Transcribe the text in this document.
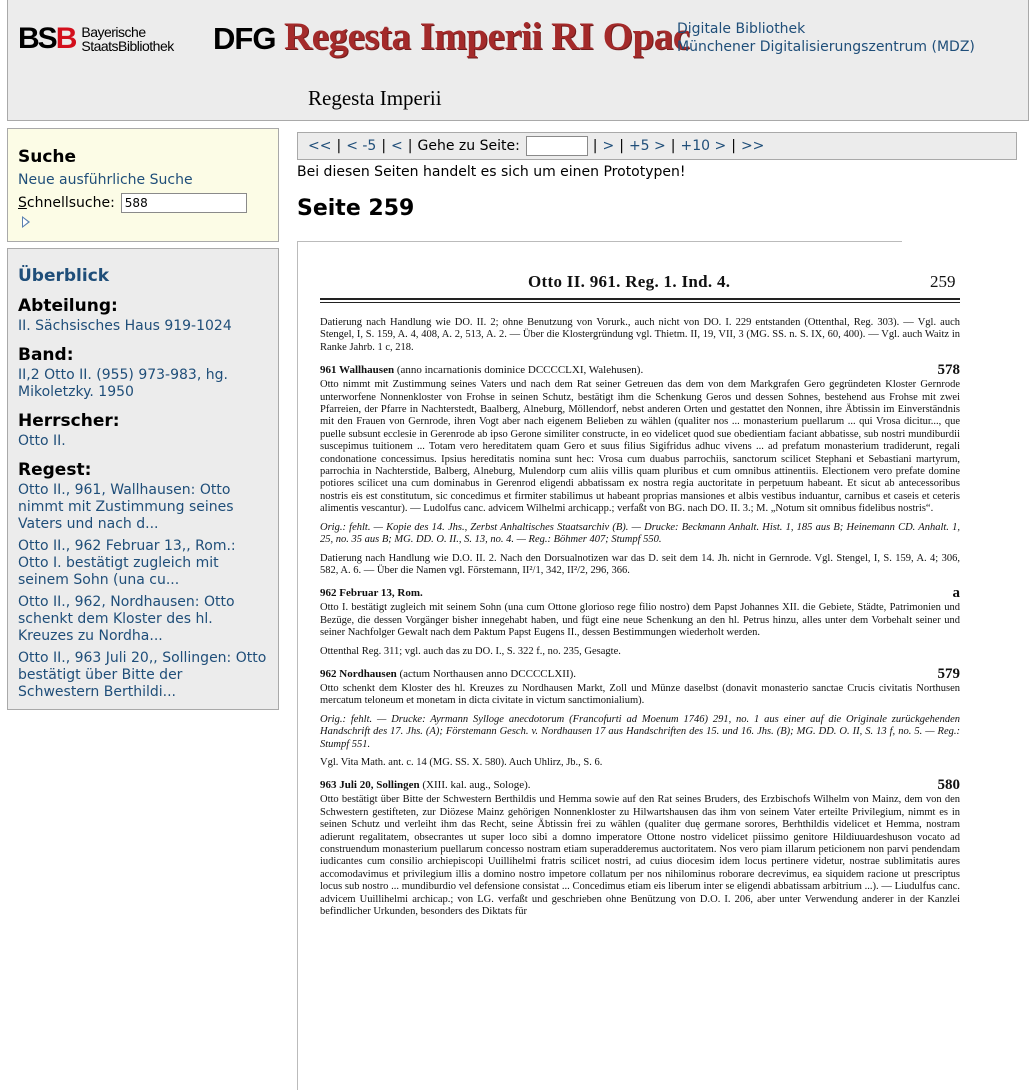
BSB Bayerische
StaatsBibliothek DFG Regesta Imperii RI Opac
Digitale Bibliothek
Münchener Digitalisierungszentrum (MDZ)
Regesta Imperii
Suche
Neue ausführliche Suche
Schnellsuche:
588
Überblick
Abteilung:
II. Sächsisches Haus 919-1024
Band:
II,2 Otto II. (955) 973-983, hg. Mikoletzky. 1950
Herrscher:
Otto II.
Regest:
Otto II., 961, Wallhausen: Otto nimmt mit Zustimmung seines Vaters und nach d...
Otto II., 962 Februar 13,, Rom.: Otto I. bestätigt zugleich mit seinem Sohn (una cu...
Otto II., 962, Nordhausen: Otto schenkt dem Kloster des hl. Kreuzes zu Nordha...
Otto II., 963 Juli 20,, Sollingen: Otto bestätigt über Bitte der Schwestern Berthildi...
<< | < -5 | < | Gehe zu Seite:	| > | +5 > | +10 > | >>
Bei diesen Seiten handelt es sich um einen Prototypen!
Seite 259
Otto II. 961. Reg. 1. Ind. 4.	259
Datierung nach Handlung wie DO. II. 2; ohne Benutzung von Vorurk., auch nicht von DO. I. 229 entstanden (Ottenthal, Reg. 303). — Vgl. auch Stengel, I, S. 159, A. 4, 408, A. 2, 513, A. 2. — Über die Klostergründung vgl. Thietm. II, 19, VII, 3 (MG. SS. n. S. IX, 60, 400). — Vgl. auch Waitz in Ranke Jahrb. 1 c, 218.
961 Wallhausen (anno incarnationis dominice DCCCCLXI, Walehusen).	578
Otto nimmt mit Zustimmung seines Vaters und nach dem Rat seiner Getreuen das dem von dem Markgrafen Gero gegründeten Kloster Gernrode unterworfene Nonnenkloster von Frohse in seinen Schutz, bestätigt ihm die Schenkung Geros und dessen Sohnes, bestehend aus Frohse mit zwei Pfarreien, der Pfarre in Nachterstedt, Baalberg, Alneburg, Möllendorf, nebst anderen Orten und gestattet den Nonnen, ihre Äbtissin im Einverständnis mit den Frauen von Gernrode, ihren Vogt aber nach eigenem Belieben zu wählen (qualiter nos ... monasterium puellarum ... qui Vrosa dicitur..., que puelle subsunt ecclesie in Gerenrode ab ipso Gerone similiter constructe, in eo videlicet quod sue obedientiam faciant abbatisse, sub nostri mundiburdii suscepimus tuitionem ... Totam vero hereditatem quam Gero et suus filius Sigifridus adhuc vivens ... ad prefatum monasterium tradiderunt, regali condonatione concessimus. Ipsius hereditatis nomina sunt hec: Vrosa cum duabus parrochiis, sanctorum scilicet Stephani et Sebastiani martyrum, parrochia in Nachterstide, Balberg, Alneburg, Mulendorp cum aliis villis quam pluribus et cum omnibus attinentiis. Electionem vero prefate domine potiores scilicet una cum dominabus in Gerenrod eligendi abbatissam ex nostra regia auctoritate in perpetuum habeant. Et sicut ab antecessoribus nostris eis est constitutum, sic concedimus et firmiter stabilimus ut habeant proprias mansiones et albis vestibus induantur, carnibus et caseis et ceteris alimentis vescantur). — Ludolfus canc. advicem Wilhelmi archicapp.; verfaßt von BG. nach DO. II. 3.; M. „Notum sit omnibus fidelibus nostris“.
Orig.: fehlt. — Kopie des 14. Jhs., Zerbst Anhaltisches Staatsarchiv (B). — Drucke: Beckmann Anhalt. Hist. 1, 185 aus B; Heinemann CD. Anhalt. 1, 25, no. 35 aus B; MG. DD. O. II., S. 13, no. 4. — Reg.: Böhmer 407; Stumpf 550.
Datierung nach Handlung wie D.O. II. 2. Nach den Dorsualnotizen war das D. seit dem 14. Jh. nicht in Gernrode. Vgl. Stengel, I, S. 159, A. 4; 306, 582, A. 6. — Über die Namen vgl. Förstemann, II²/1, 342, II²/2, 296, 366.
962 Februar 13, Rom.	a
Otto I. bestätigt zugleich mit seinem Sohn (una cum Ottone glorioso rege filio nostro) dem Papst Johannes XII. die Gebiete, Städte, Patrimonien und Bezüge, die dessen Vorgänger bisher innegehabt haben, und fügt eine neue Schenkung an den hl. Petrus hinzu, alles unter dem Vorbehalt seiner und seiner Nachfolger Gewalt nach dem Paktum Papst Eugens II., dessen Bestimmungen wiederholt werden.
Ottenthal Reg. 311; vgl. auch das zu DO. I., S. 322 f., no. 235, Gesagte.
962 Nordhausen (actum Northausen anno DCCCCLXII).	579
Otto schenkt dem Kloster des hl. Kreuzes zu Nordhausen Markt, Zoll und Münze daselbst (donavit monasterio sanctae Crucis civitatis Northusen mercatum teloneum et monetam in dicta civitate in victum sanctimonialium).
Orig.: fehlt. — Drucke: Ayrmann Sylloge anecdotorum (Francofurti ad Moenum 1746) 291, no. 1 aus einer auf die Originale zurückgehenden Handschrift des 17. Jhs. (A); Förstemann Gesch. v. Nordhausen 17 aus Handschriften des 15. und 16. Jhs. (B); MG. DD. O. II, S. 13 f, no. 5. — Reg.: Stumpf 551.
Vgl. Vita Math. ant. c. 14 (MG. SS. X. 580). Auch Uhlirz, Jb., S. 6.
963 Juli 20, Sollingen (XIII. kal. aug., Sologe).	580
Otto bestätigt über Bitte der Schwestern Berthildis und Hemma sowie auf den Rat seines Bruders, des Erzbischofs Wilhelm von Mainz, dem von den Schwestern gestifteten, zur Diözese Mainz gehörigen Nonnenkloster zu Hilwartshausen das ihm von seinem Vater erteilte Privilegium, nimmt es in seinen Schutz und verleiht ihm das Recht, seine Äbtissin frei zu wählen (qualiter duę germane sorores, Berhthildis videlicet et Hemma, nostram adierunt regalitatem, obsecrantes ut super loco sibi a domno imperatore Ottone nostro videlicet piissimo genitore Hildiuuardeshuson vocato ad construendum monasterium puellarum concesso nostram etiam superadderemus auctoritatem. Nos vero piam illarum peticionem non parvi pendendam iudicantes cum consilio archiepiscopi Uuillihelmi fratris scilicet nostri, ad cuius diocesim idem locus pertinere videtur, nostrae sublimitatis aures accomodavimus et privilegium illis a domino nostro impetore collatum per nos nihilominus roborare decrevimus, ea siquidem racione ut prescriptus locus sub nostro ... mundiburdio vel defensione consistat ... Concedimus etiam eis liberum inter se eligendi abbatissam arbitrium ...). — Liudulfus canc. advicem Uuillihelmi archicap.; von LG. verfaßt und geschrieben ohne Benützung von D.O. I. 206, aber unter Verwendung anderer in der Kanzlei befindlicher Urkunden, besonders des Diktats für
